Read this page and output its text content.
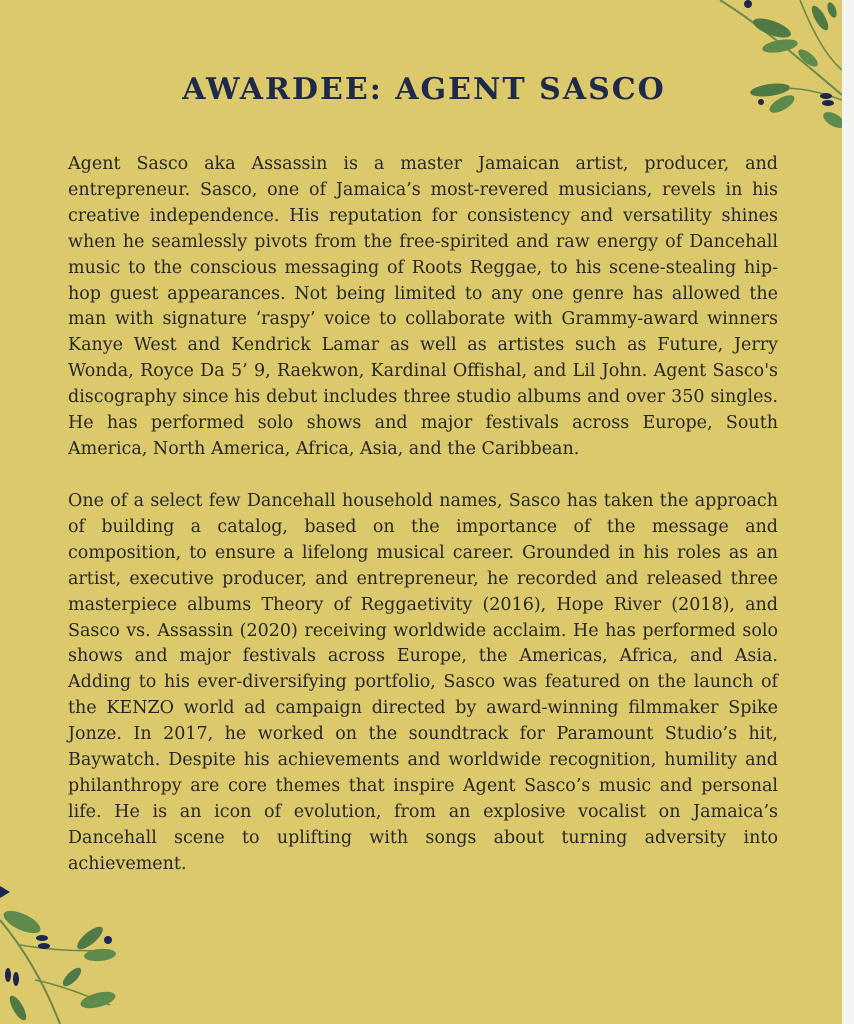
AWARDEE: AGENT SASCO

Agent Sasco aka Assassin is a master Jamaican artist, producer, and entrepreneur. Sasco, one of Jamaica’s most-revered musicians, revels in his creative independence. His reputation for consistency and versatility shines when he seamlessly pivots from the free-spirited and raw energy of Dancehall music to the conscious messaging of Roots Reggae, to his scene-stealing hip-hop guest appearances. Not being limited to any one genre has allowed the man with signature ‘raspy’ voice to collaborate with Grammy-award winners Kanye West and Kendrick Lamar as well as artistes such as Future, Jerry Wonda, Royce Da 5’ 9, Raekwon, Kardinal Offishal, and Lil John. Agent Sasco's discography since his debut includes three studio albums and over 350 singles. He has performed solo shows and major festivals across Europe, South America, North America, Africa, Asia, and the Caribbean.

One of a select few Dancehall household names, Sasco has taken the approach of building a catalog, based on the importance of the message and composition, to ensure a lifelong musical career. Grounded in his roles as an artist, executive producer, and entrepreneur, he recorded and released three masterpiece albums Theory of Reggaetivity (2016), Hope River (2018), and Sasco vs. Assassin (2020) receiving worldwide acclaim. He has performed solo shows and major festivals across Europe, the Americas, Africa, and Asia. Adding to his ever-diversifying portfolio, Sasco was featured on the launch of the KENZO world ad campaign directed by award-winning filmmaker Spike Jonze. In 2017, he worked on the soundtrack for Paramount Studio’s hit, Baywatch. Despite his achievements and worldwide recognition, humility and philanthropy are core themes that inspire Agent Sasco’s music and personal life. He is an icon of evolution, from an explosive vocalist on Jamaica’s Dancehall scene to uplifting with songs about turning adversity into achievement.
